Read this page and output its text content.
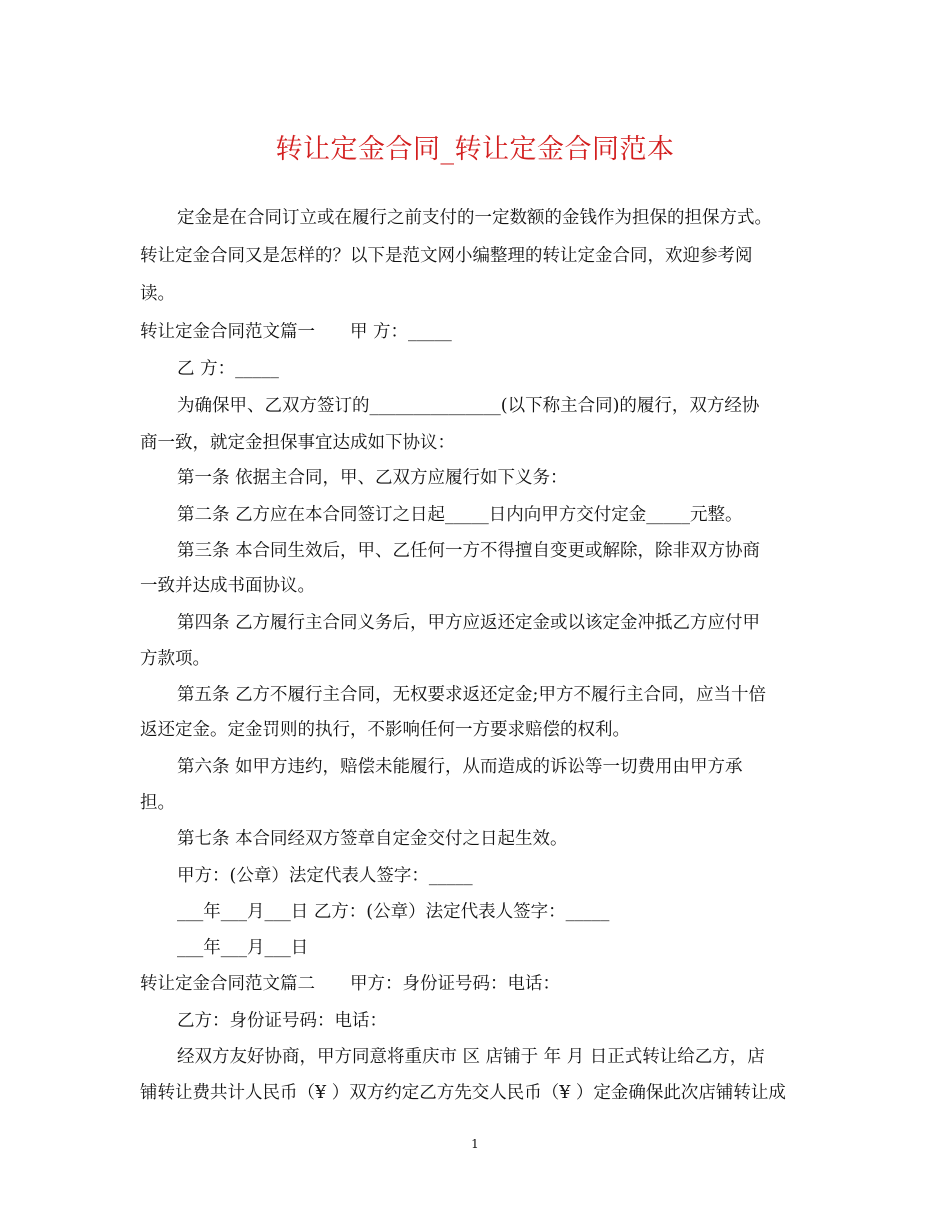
转让定金合同_转让定金合同范本
定金是在合同订立或在履行之前支付的一定数额的金钱作为担保的担保方式。
转让定金合同又是怎样的？以下是范文网小编整理的转让定金合同，欢迎参考阅
读。
转让定金合同范文篇一　　甲 方：_____
乙 方：_____
为确保甲、乙双方签订的_______________(以下称主合同)的履行，双方经协
商一致，就定金担保事宜达成如下协议：
第一条 依据主合同，甲、乙双方应履行如下义务：
第二条 乙方应在本合同签订之日起_____日内向甲方交付定金_____元整。
第三条 本合同生效后，甲、乙任何一方不得擅自变更或解除，除非双方协商
一致并达成书面协议。
第四条 乙方履行主合同义务后，甲方应返还定金或以该定金冲抵乙方应付甲
方款项。
第五条 乙方不履行主合同，无权要求返还定金;甲方不履行主合同，应当十倍
返还定金。定金罚则的执行，不影响任何一方要求赔偿的权利。
第六条 如甲方违约，赔偿未能履行，从而造成的诉讼等一切费用由甲方承
担。
第七条 本合同经双方签章自定金交付之日起生效。
甲方：(公章）法定代表人签字：_____
___年___月___日 乙方：(公章）法定代表人签字：_____
___年___月___日
转让定金合同范文篇二　　甲方：身份证号码：电话：
乙方：身份证号码：电话：
经双方友好协商，甲方同意将重庆市 区 店铺于 年 月 日正式转让给乙方，店
铺转让费共计人民币（¥ ）双方约定乙方先交人民币（¥ ）定金确保此次店铺转让成
1
